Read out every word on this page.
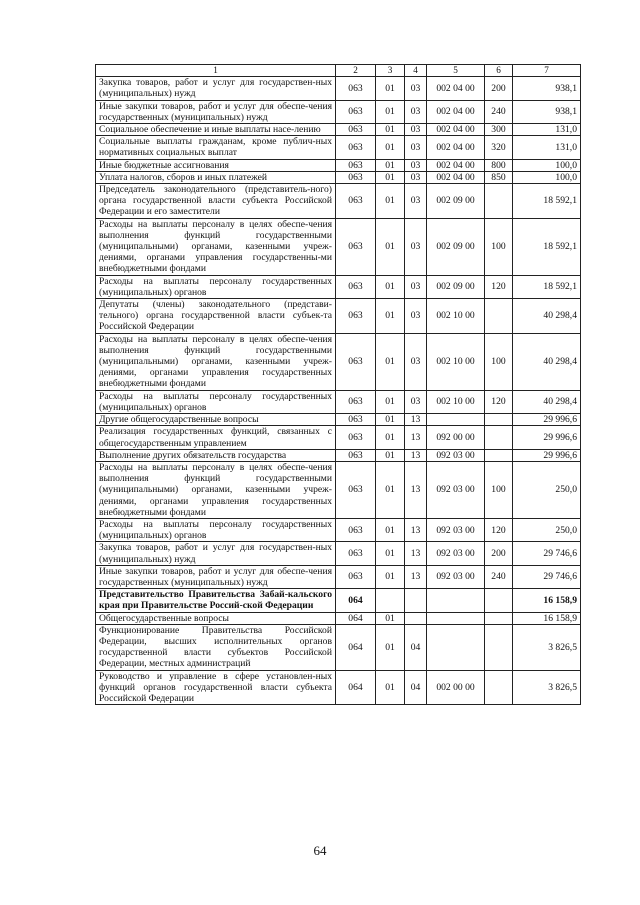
1	2	3	4	5	6	7
Закупка товаров, работ и услуг для государствен-ных (муниципальных) нужд	063	01	03	002 04 00	200	938,1
Иные закупки товаров, работ и услуг для обеспе-чения государственных (муниципальных) нужд	063	01	03	002 04 00	240	938,1
Социальное обеспечение и иные выплаты насе-лению	063	01	03	002 04 00	300	131,0
Социальные выплаты гражданам, кроме публич-ных нормативных социальных выплат	063	01	03	002 04 00	320	131,0
Иные бюджетные ассигнования	063	01	03	002 04 00	800	100,0
Уплата налогов, сборов и иных платежей	063	01	03	002 04 00	850	100,0
Председатель законодательного (представитель-ного) органа государственной власти субъекта Российской Федерации и его заместители	063	01	03	002 09 00		18 592,1
Расходы на выплаты персоналу в целях обеспе-чения выполнения функций государственными (муниципальными) органами, казенными учреж-дениями, органами управления государственны-ми внебюджетными фондами	063	01	03	002 09 00	100	18 592,1
Расходы на выплаты персоналу государственных (муниципальных) органов	063	01	03	002 09 00	120	18 592,1
Депутаты (члены) законодательного (представи-тельного) органа государственной власти субъек-та Российской Федерации	063	01	03	002 10 00		40 298,4
Расходы на выплаты персоналу в целях обеспе-чения выполнения функций государственными (муниципальными) органами, казенными учреж-дениями, органами управления государственных внебюджетными фондами	063	01	03	002 10 00	100	40 298,4
Расходы на выплаты персоналу государственных (муниципальных) органов	063	01	03	002 10 00	120	40 298,4
Другие общегосударственные вопросы	063	01	13			29 996,6
Реализация государственных функций, связанных с общегосударственным управлением	063	01	13	092 00 00		29 996,6
Выполнение других обязательств государства	063	01	13	092 03 00		29 996,6
Расходы на выплаты персоналу в целях обеспе-чения выполнения функций государственными (муниципальными) органами, казенными учреж-дениями, органами управления государственных внебюджетными фондами	063	01	13	092 03 00	100	250,0
Расходы на выплаты персоналу государственных (муниципальных) органов	063	01	13	092 03 00	120	250,0
Закупка товаров, работ и услуг для государствен-ных (муниципальных) нужд	063	01	13	092 03 00	200	29 746,6
Иные закупки товаров, работ и услуг для обеспе-чения государственных (муниципальных) нужд	063	01	13	092 03 00	240	29 746,6
Представительство Правительства Забай-кальского края при Правительстве Россий-ской Федерации	064					16 158,9
Общегосударственные вопросы	064	01				16 158,9
Функционирование Правительства Российской Федерации, высших исполнительных органов государственной власти субъектов Российской Федерации, местных администраций	064	01	04			3 826,5
Руководство и управление в сфере установлен-ных функций органов государственной власти субъекта Российской Федерации	064	01	04	002 00 00		3 826,5
64
